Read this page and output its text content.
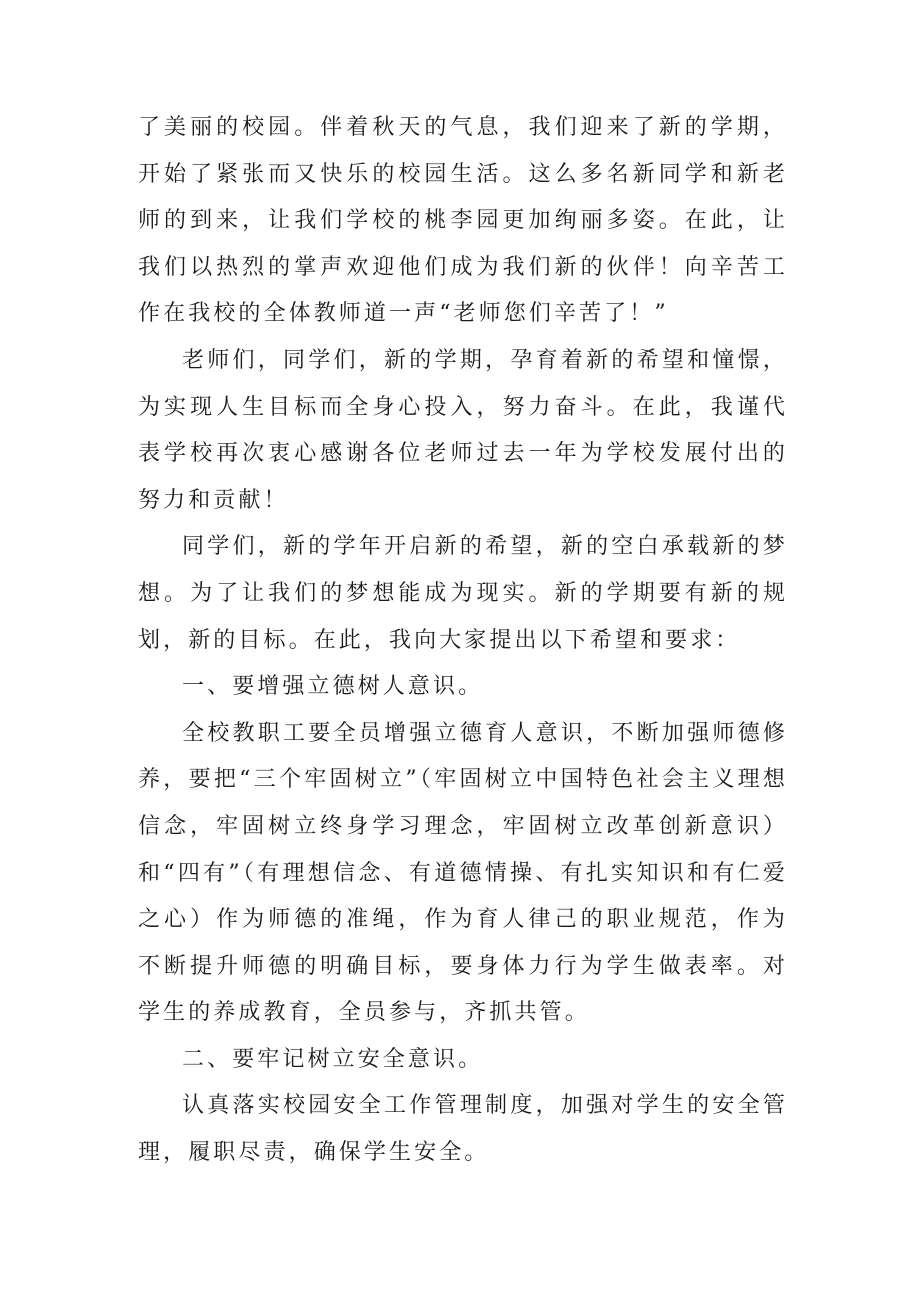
了美丽的校园。伴着秋天的气息，我们迎来了新的学期，开始了紧张而又快乐的校园生活。这么多名新同学和新老师的到来，让我们学校的桃李园更加绚丽多姿。在此，让我们以热烈的掌声欢迎他们成为我们新的伙伴！向辛苦工作在我校的全体教师道一声“老师您们辛苦了！”

老师们，同学们，新的学期，孕育着新的希望和憧憬，为实现人生目标而全身心投入，努力奋斗。在此，我谨代表学校再次衷心感谢各位老师过去一年为学校发展付出的努力和贡献！

同学们，新的学年开启新的希望，新的空白承载新的梦想。为了让我们的梦想能成为现实。新的学期要有新的规划，新的目标。在此，我向大家提出以下希望和要求：

一、要增强立德树人意识。

全校教职工要全员增强立德育人意识，不断加强师德修养，要把“三个牢固树立”（牢固树立中国特色社会主义理想信念，牢固树立终身学习理念，牢固树立改革创新意识）和“四有”（有理想信念、有道德情操、有扎实知识和有仁爱之心）作为师德的准绳，作为育人律己的职业规范，作为不断提升师德的明确目标，要身体力行为学生做表率。对学生的养成教育，全员参与，齐抓共管。

二、要牢记树立安全意识。

认真落实校园安全工作管理制度，加强对学生的安全管理，履职尽责，确保学生安全。
